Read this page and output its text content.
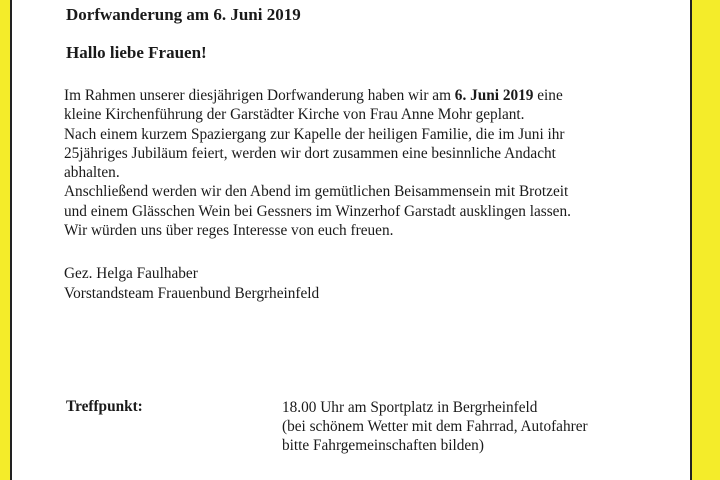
Dorfwanderung am 6. Juni 2019
Hallo liebe Frauen!
Im Rahmen unserer diesjährigen Dorfwanderung haben wir am 6. Juni 2019 eine
kleine Kirchenführung der Garstädter Kirche von Frau Anne Mohr geplant.
Nach einem kurzem Spaziergang zur Kapelle der heiligen Familie, die im Juni ihr
25jähriges Jubiläum feiert, werden wir dort zusammen eine besinnliche Andacht
abhalten.
Anschließend werden wir den Abend im gemütlichen Beisammensein mit Brotzeit
und einem Glässchen Wein bei Gessners im Winzerhof Garstadt ausklingen lassen.
Wir würden uns über reges Interesse von euch freuen.
Gez. Helga Faulhaber
Vorstandsteam Frauenbund Bergrheinfeld
Treffpunkt:	18.00 Uhr am Sportplatz in Bergrheinfeld
(bei schönem Wetter mit dem Fahrrad, Autofahrer
bitte Fahrgemeinschaften bilden)
